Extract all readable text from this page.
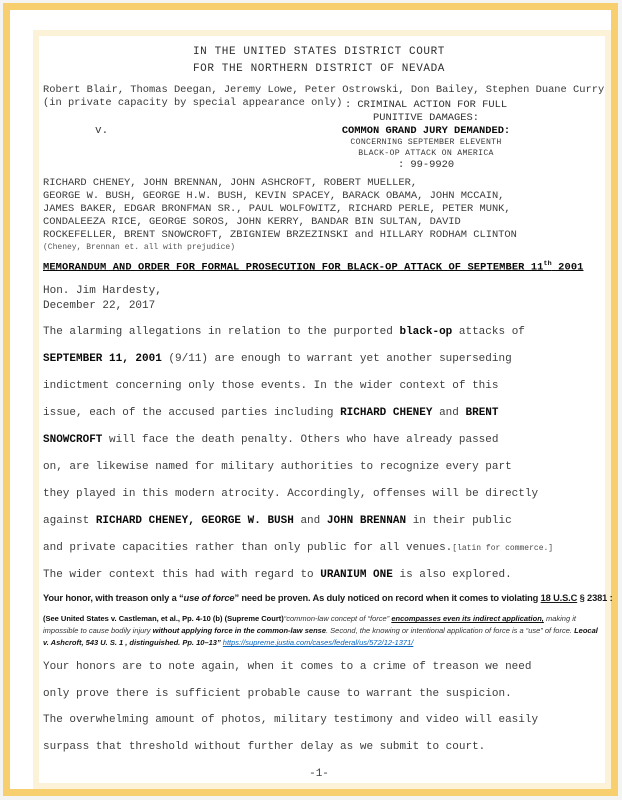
IN THE UNITED STATES DISTRICT COURT
FOR THE NORTHERN DISTRICT OF NEVADA
Robert Blair, Thomas Deegan, Jeremy Lowe, Peter Ostrowski, Don Bailey, Stephen Duane Curry
(in private capacity by special appearance only)
v.
: CRIMINAL ACTION FOR FULL
PUNITIVE DAMAGES:
COMMON GRAND JURY DEMANDED:
CONCERNING SEPTEMBER ELEVENTH
BLACK-OP ATTACK ON AMERICA
: 99-9920
RICHARD CHENEY, JOHN BRENNAN, JOHN ASHCROFT, ROBERT MUELLER,
GEORGE W. BUSH, GEORGE H.W. BUSH, KEVIN SPACEY, BARACK OBAMA, JOHN MCCAIN,
JAMES BAKER, EDGAR BRONFMAN SR., PAUL WOLFOWITZ, RICHARD PERLE, PETER MUNK,
CONDALEEZA RICE, GEORGE SOROS, JOHN KERRY, BANDAR BIN SULTAN, DAVID
ROCKEFELLER, BRENT SNOWCROFT, ZBIGNIEW BRZEZINSKI and HILLARY RODHAM CLINTON
(Cheney, Brennan et. all with prejudice)
MEMORANDUM AND ORDER FOR FORMAL PROSECUTION FOR BLACK-OP ATTACK OF SEPTEMBER 11th 2001
Hon. Jim Hardesty,
December 22, 2017

The alarming allegations in relation to the purported black-op attacks of

SEPTEMBER 11, 2001 (9/11) are enough to warrant yet another superseding

indictment concerning only those events. In the wider context of this

issue, each of the accused parties including RICHARD CHENEY and BRENT

SNOWCROFT will face the death penalty. Others who have already passed

on, are likewise named for military authorities to recognize every part

they played in this modern atrocity. Accordingly, offenses will be directly

against RICHARD CHENEY, GEORGE W. BUSH and JOHN BRENNAN in their public

and private capacities rather than only public for all venues.[latin for commerce.]

The wider context this had with regard to URANIUM ONE is also explored.

Your honor, with treason only a “use of force” need be proven. As duly noticed on record when it comes to violating 18 U.S.C § 2381 :

(See United States v. Castleman, et al., Pp. 4-10 (b) (Supreme Court)“common-law concept of “force” encompasses even its indirect application, making it impossible to cause bodily injury without applying force in the common-law sense. Second, the knowing or intentional application of force is a “use” of force. Leocal v. Ashcroft, 543 U. S. 1 , distinguished. Pp. 10–13” https://supreme.justia.com/cases/federal/us/572/12-1371/

Your honors are to note again, when it comes to a crime of treason we need

only prove there is sufficient probable cause to warrant the suspicion.

The overwhelming amount of photos, military testimony and video will easily

surpass that threshold without further delay as we submit to court.

-1-
